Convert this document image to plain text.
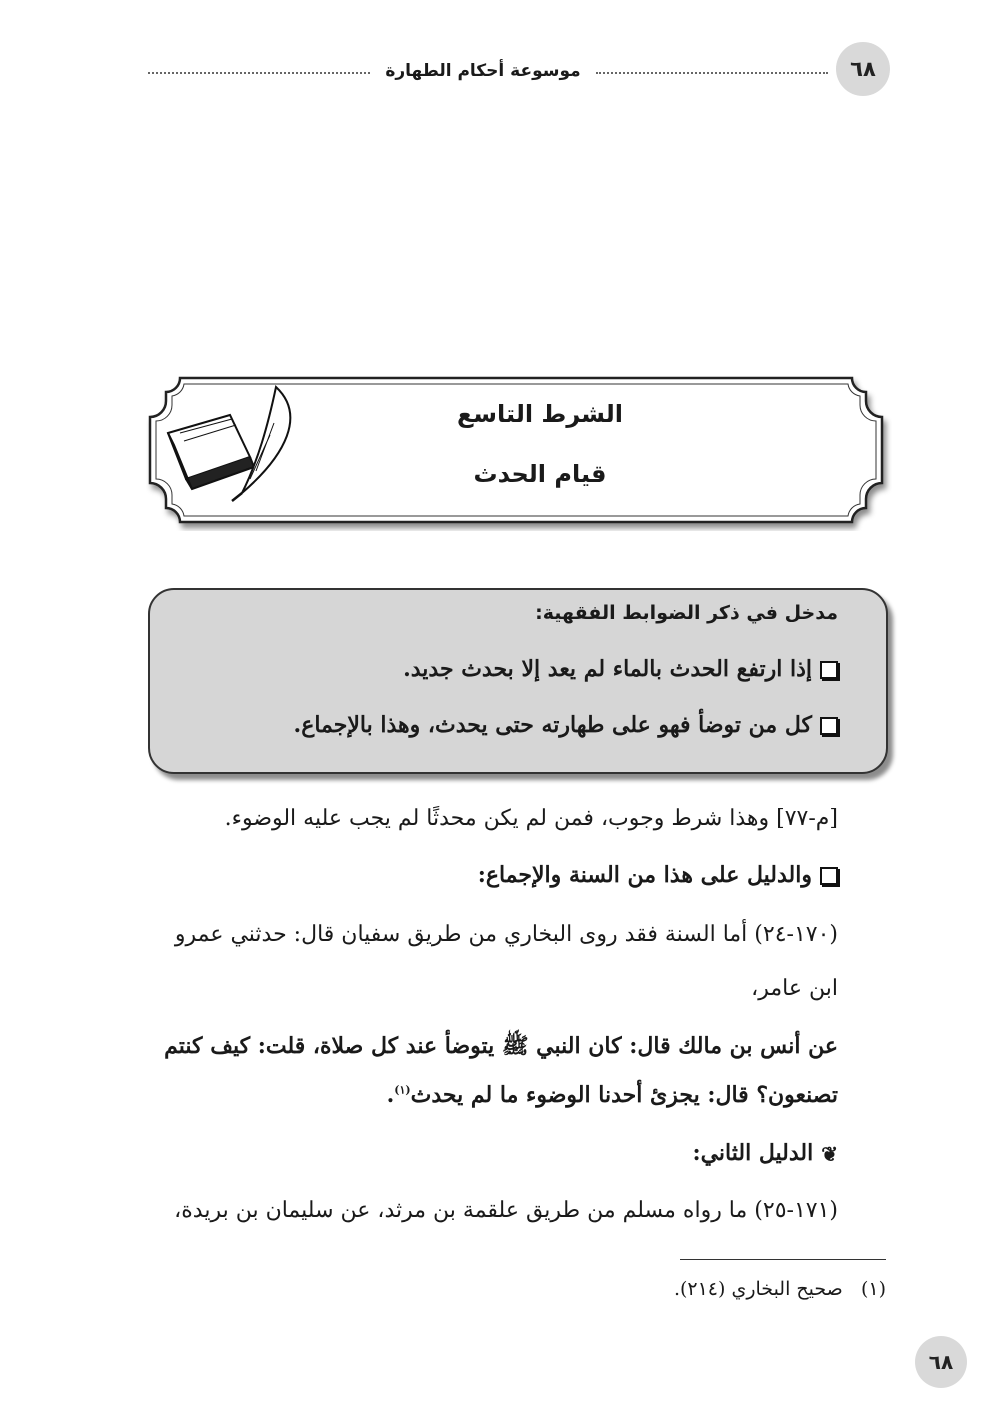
٦٨
موسوعة أحكام الطهارة
الشرط التاسع
قيام الحدث
مدخل في ذكر الضوابط الفقهية:
إذا ارتفع الحدث بالماء لم يعد إلا بحدث جديد.
كل من توضأ فهو على طهارته حتى يحدث، وهذا بالإجماع.
[م-٧٧] وهذا شرط وجوب، فمن لم يكن محدثًا لم يجب عليه الوضوء.
والدليل على هذا من السنة والإجماع:
(١٧٠-٢٤) أما السنة فقد روى البخاري من طريق سفيان قال: حدثني عمرو
ابن عامر،
عن أنس بن مالك قال: كان النبي ﷺ يتوضأ عند كل صلاة، قلت: كيف كنتم
تصنعون؟ قال: يجزئ أحدنا الوضوء ما لم يحدث$^{(١)}$.
❦الدليل الثاني:
(١٧١-٢٥) ما رواه مسلم من طريق علقمة بن مرثد، عن سليمان بن بريدة،
(١)   صحيح البخاري (٢١٤).
٦٨
